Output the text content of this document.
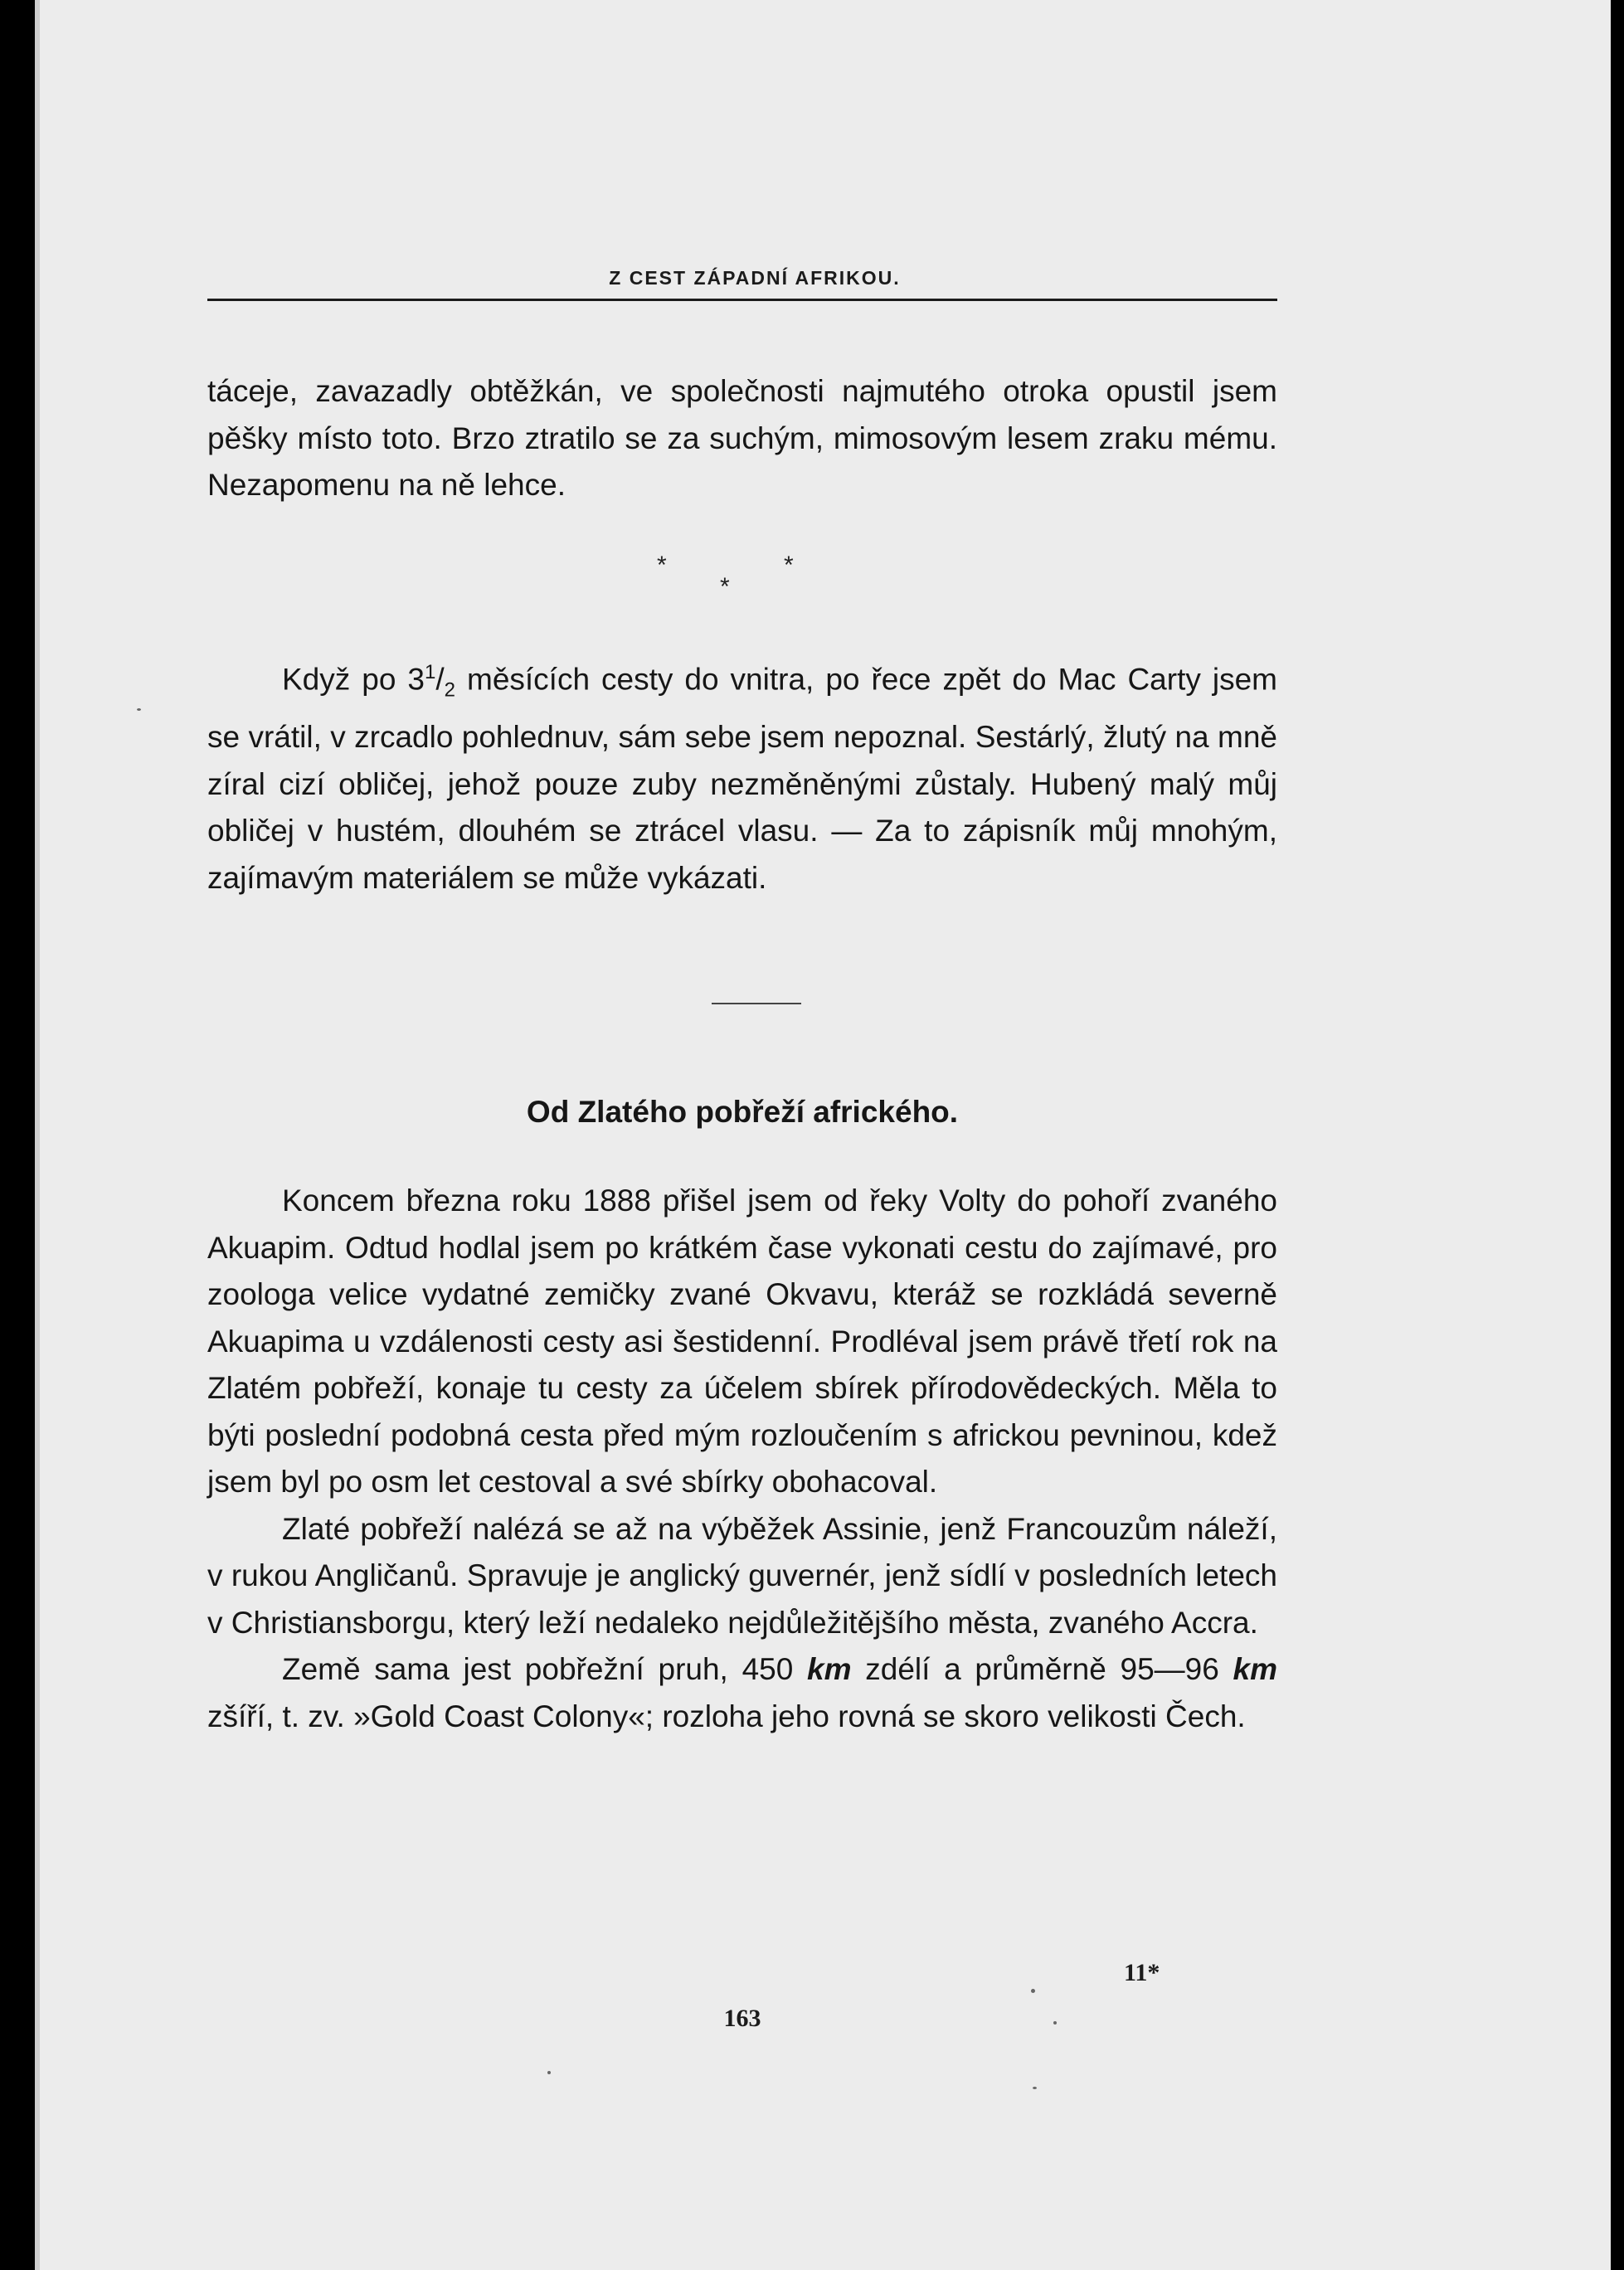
Z CEST ZÁPADNÍ AFRIKOU.

táceje, zavazadly obtěžkán, ve společnosti najmutého otroka opustil jsem pěšky místo toto. Brzo ztratilo se za suchým, mimosovým lesem zraku mému. Nezapomenu na ně lehce.

*	*
*

Když po $3^1/_2$ měsících cesty do vnitra, po řece zpět do Mac Carty jsem se vrátil, v zrcadlo pohlednuv, sám sebe jsem nepoznal. Sestárlý, žlutý na mně zíral cizí obličej, jehož pouze zuby nezměněnými zůstaly. Hubený malý můj obličej v hustém, dlouhém se ztrácel vlasu. — Za to zápisník můj mnohým, zajímavým materiálem se může vykázati.

Od Zlatého pobřeží afrického.

Koncem března roku 1888 přišel jsem od řeky Volty do pohoří zvaného Akuapim. Odtud hodlal jsem po krátkém čase vykonati cestu do zajímavé, pro zoologa velice vydatné zemičky zvané Okvavu, kteráž se rozkládá severně Akuapima u vzdálenosti cesty asi šestidenní. Prodléval jsem právě třetí rok na Zlatém pobřeží, konaje tu cesty za účelem sbírek přírodovědeckých. Měla to býti poslední podobná cesta před mým rozloučením s africkou pevninou, kdež jsem byl po osm let cestoval a své sbírky obohacoval.

Zlaté pobřeží nalézá se až na výběžek Assinie, jenž Francouzům náleží, v rukou Angličanů. Spravuje je anglický guvernér, jenž sídlí v posledních letech v Christiansborgu, který leží nedaleko nejdůležitějšího města, zvaného Accra.

Země sama jest pobřežní pruh, 450 km zdélí a průměrně 95—96 km zšíří, t. zv. »Gold Coast Colony«; rozloha jeho rovná se skoro velikosti Čech.

11*
163
